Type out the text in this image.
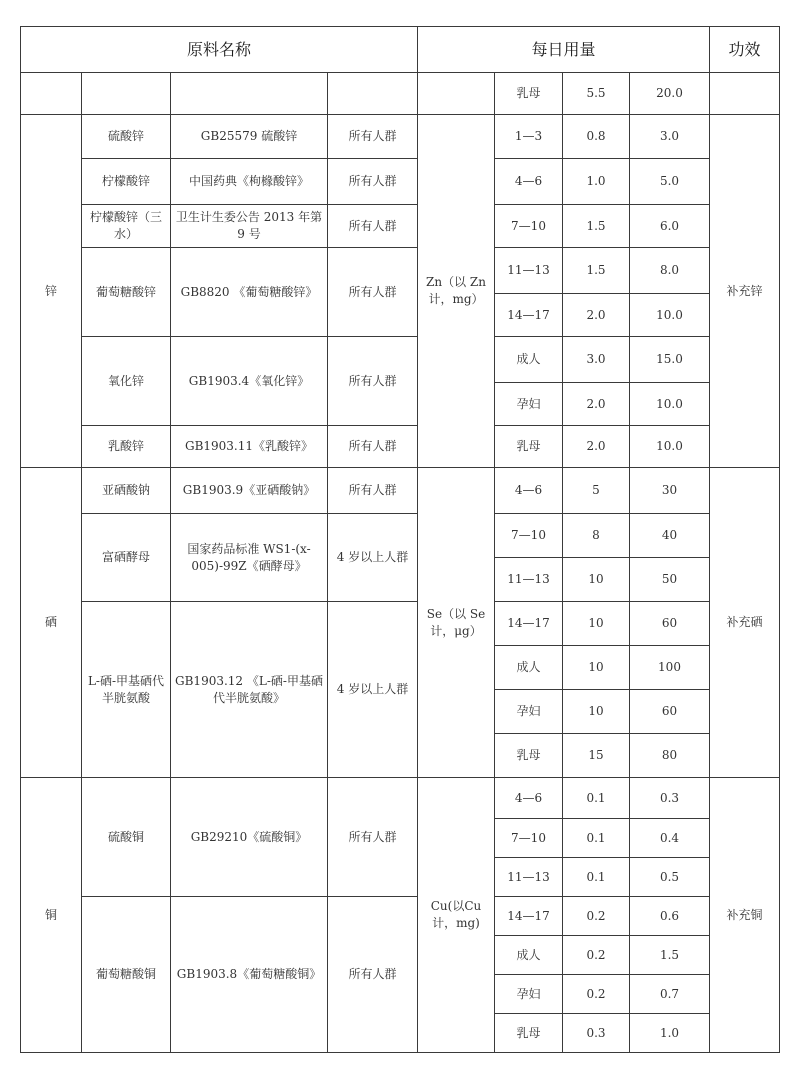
原料名称				每日用量				功效
					乳母	5.5	20.0	
锌	硫酸锌	GB25579 硫酸锌	所有人群	Zn（以 Zn 计，mg）	1—3	0.8	3.0	补充锌
	柠檬酸锌	中国药典《枸橼酸锌》	所有人群		4—6	1.0	5.0	
	柠檬酸锌（三水）	卫生计生委公告 2013 年第 9 号	所有人群		7—10	1.5	6.0	
	葡萄糖酸锌	GB8820 《葡萄糖酸锌》	所有人群		11—13	1.5	8.0	
					14—17	2.0	10.0	
	氧化锌	GB1903.4《氧化锌》	所有人群		成人	3.0	15.0	
					孕妇	2.0	10.0	
	乳酸锌	GB1903.11《乳酸锌》	所有人群		乳母	2.0	10.0	
硒	亚硒酸钠	GB1903.9《亚硒酸钠》	所有人群	Se（以 Se 计，μg）	4—6	5	30	补充硒
	富硒酵母	国家药品标准 WS1-(x-005)-99Z《硒酵母》	4 岁以上人群		7—10	8	40	
					11—13	10	50	
	L-硒-甲基硒代半胱氨酸	GB1903.12 《L-硒-甲基硒代半胱氨酸》	4 岁以上人群		14—17	10	60	
					成人	10	100	
					孕妇	10	60	
					乳母	15	80	
铜	硫酸铜	GB29210《硫酸铜》	所有人群	Cu(以Cu计，mg)	4—6	0.1	0.3	补充铜
					7—10	0.1	0.4	
					11—13	0.1	0.5	
	葡萄糖酸铜	GB1903.8《葡萄糖酸铜》	所有人群		14—17	0.2	0.6	
					成人	0.2	1.5	
					孕妇	0.2	0.7	
					乳母	0.3	1.0	
